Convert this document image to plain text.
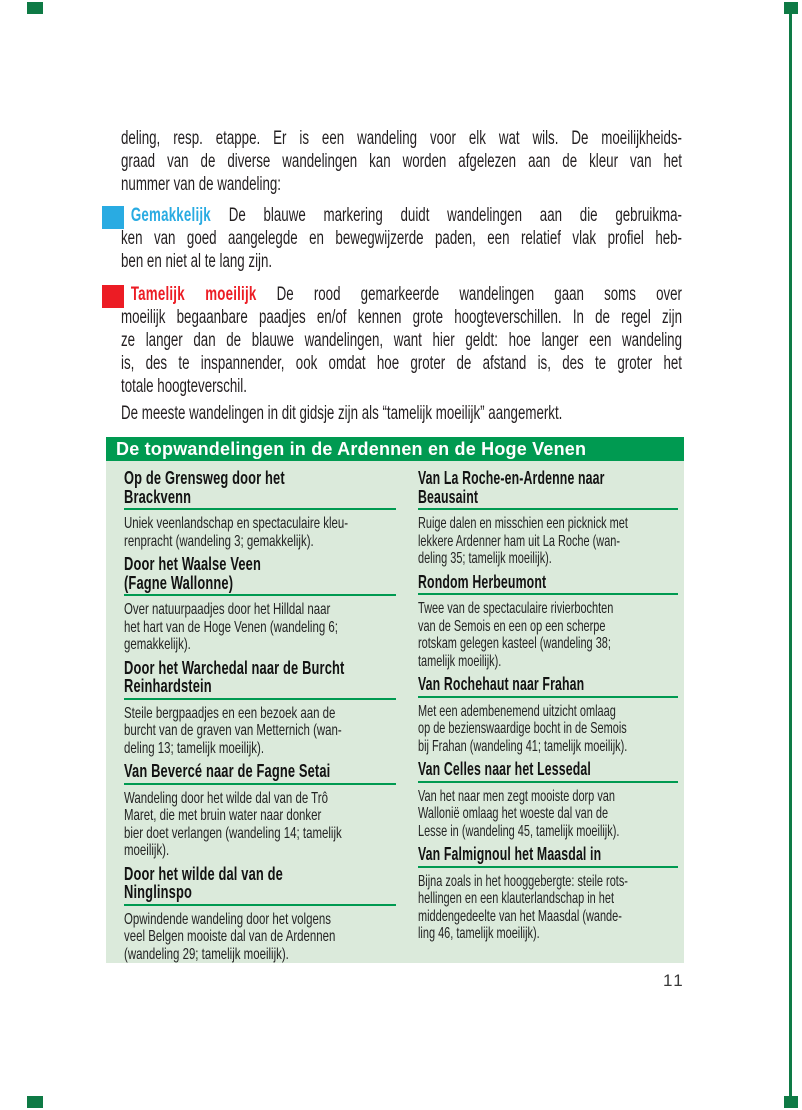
deling, resp. etappe. Er is een wandeling voor elk wat wils. De moeilijkheids-
graad van de diverse wandelingen kan worden afgelezen aan de kleur van het
nummer van de wandeling:
Gemakkelijk De blauwe markering duidt wandelingen aan die gebruikma-
ken van goed aangelegde en bewegwijzerde paden, een relatief vlak profiel heb-
ben en niet al te lang zijn.
Tamelijk moeilijk De rood gemarkeerde wandelingen gaan soms over
moeilijk begaanbare paadjes en/of kennen grote hoogteverschillen. In de regel zijn
ze langer dan de blauwe wandelingen, want hier geldt: hoe langer een wandeling
is, des te inspannender, ook omdat hoe groter de afstand is, des te groter het
totale hoogteverschil.
De meeste wandelingen in dit gidsje zijn als “tamelijk moeilijk” aangemerkt.
De topwandelingen in de Ardennen en de Hoge Venen
Op de Grensweg door het
Brackvenn
Uniek veenlandschap en spectaculaire kleu-
renpracht (wandeling 3; gemakkelijk).
Door het Waalse Veen
(Fagne Wallonne)
Over natuurpaadjes door het Hilldal naar
het hart van de Hoge Venen (wandeling 6;
gemakkelijk).
Door het Warchedal naar de Burcht
Reinhardstein
Steile bergpaadjes en een bezoek aan de
burcht van de graven van Metternich (wan-
deling 13; tamelijk moeilijk).
Van Bevercé naar de Fagne Setai
Wandeling door het wilde dal van de Trô
Maret, die met bruin water naar donker
bier doet verlangen (wandeling 14; tamelijk
moeilijk).
Door het wilde dal van de
Ninglinspo
Opwindende wandeling door het volgens
veel Belgen mooiste dal van de Ardennen
(wandeling 29; tamelijk moeilijk).
Van La Roche-en-Ardenne naar
Beausaint
Ruige dalen en misschien een picknick met
lekkere Ardenner ham uit La Roche (wan-
deling 35; tamelijk moeilijk).
Rondom Herbeumont
Twee van de spectaculaire rivierbochten
van de Semois en een op een scherpe
rotskam gelegen kasteel (wandeling 38;
tamelijk moeilijk).
Van Rochehaut naar Frahan
Met een adembenemend uitzicht omlaag
op de bezienswaardige bocht in de Semois
bij Frahan (wandeling 41; tamelijk moeilijk).
Van Celles naar het Lessedal
Van het naar men zegt mooiste dorp van
Wallonië omlaag het woeste dal van de
Lesse in (wandeling 45, tamelijk moeilijk).
Van Falmignoul het Maasdal in
Bijna zoals in het hooggebergte: steile rots-
hellingen en een klauterlandschap in het
middengedeelte van het Maasdal (wande-
ling 46, tamelijk moeilijk).
11
